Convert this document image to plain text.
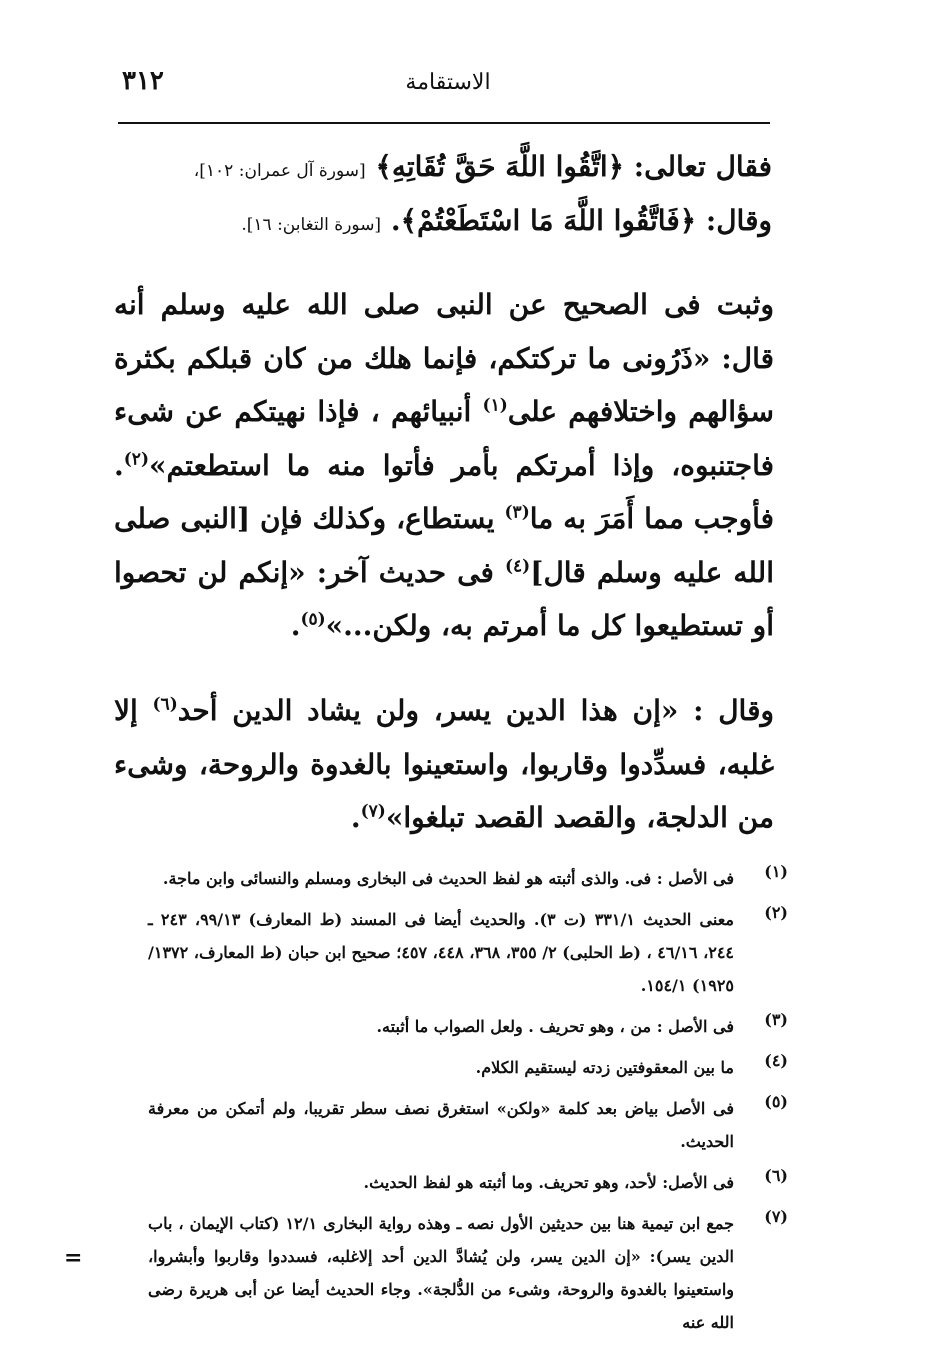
٣١٢	الاستقامة
فقال تعالى: ﴿اتَّقُوا اللَّهَ حَقَّ تُقَاتِهِ﴾ [سورة آل عمران: ١٠٢]،
وقال: ﴿فَاتَّقُوا اللَّهَ مَا اسْتَطَعْتُمْ﴾. [سورة التغابن: ١٦].
وثبت فى الصحيح عن النبى صلى الله عليه وسلم أنه قال: «ذَرُونى ما تركتكم، فإنما هلك من كان قبلكم بكثرة سؤالهم واختلافهم على$^{(١)}$ أنبيائهم ، فإذا نهيتكم عن شىء فاجتنبوه، وإذا أمرتكم بأمر فأتوا منه ما استطعتم»$^{(٢)}$. فأوجب مما أَمَرَ به ما$^{(٣)}$ يستطاع، وكذلك فإن [النبى صلى الله عليه وسلم قال]$^{(٤)}$ فى حديث آخر: «إنكم لن تحصوا أو تستطيعوا كل ما أمرتم به، ولكن...»$^{(٥)}$.
وقال : «إن هذا الدين يسر، ولن يشاد الدين أحد$^{(٦)}$ إلا غلبه، فسدِّدوا وقاربوا، واستعينوا بالغدوة والروحة، وشىء من الدلجة، والقصد القصد تبلغوا»$^{(٧)}$.
(١)
فى الأصل : فى. والذى أثبته هو لفظ الحديث فى البخارى ومسلم والنسائى وابن ماجة.
(٢)
معنى الحديث ٣٣١/١ (ت ٣). والحديث أيضا فى المسند (ط المعارف) ٩٩/١٣، ٢٤٣ ـ ٢٤٤، ٤٦/١٦ ، (ط الحلبى) ٢/ ٣٥٥، ٣٦٨، ٤٤٨، ٤٥٧؛ صحيح ابن حبان (ط المعارف، ١٣٧٢/ ١٩٢٥) ١٥٤/١.
(٣)
فى الأصل : من ، وهو تحريف . ولعل الصواب ما أثبته.
(٤)
ما بين المعقوفتين زدته ليستقيم الكلام.
(٥)
فى الأصل بياض بعد كلمة «ولكن» استغرق نصف سطر تقريبا، ولم أتمكن من معرفة الحديث.
(٦)
فى الأصل: لأحد، وهو تحريف. وما أثبته هو لفظ الحديث.
(٧)
جمع ابن تيمية هنا بين حديثين الأول نصه ـ وهذه رواية البخارى ١٢/١ (كتاب الإيمان ، باب الدين يسر): «إن الدين يسر، ولن يُشادَّ الدين أحد إلاغلبه، فسددوا وقاربوا وأبشروا، واستعينوا بالغدوة والروحة، وشىء من الدُّلجة». وجاء الحديث أيضا عن أبى هريرة رضى الله عنه
=
